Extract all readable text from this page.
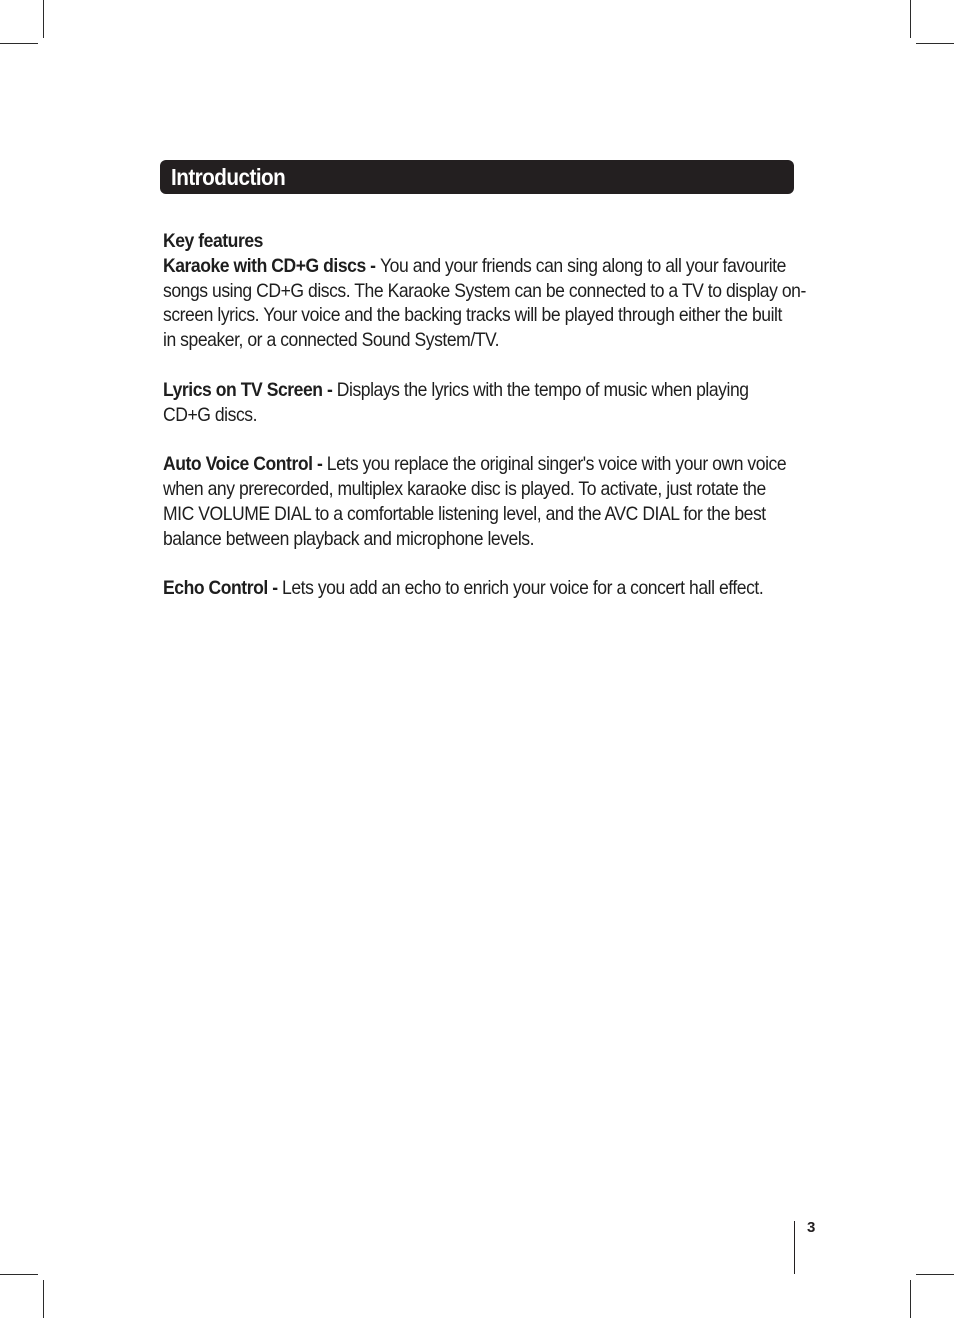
Introduction

Key features

Karaoke with CD+G discs - You and your friends can sing along to all your favourite
songs using CD+G discs. The Karaoke System can be connected to a TV to display on-
screen lyrics. Your voice and the backing tracks will be played through either the built
in speaker, or a connected Sound System/TV.

Lyrics on TV Screen - Displays the lyrics with the tempo of music when playing
CD+G discs.

Auto Voice Control - Lets you replace the original singer's voice with your own voice
when any prerecorded, multiplex karaoke disc is played. To activate, just rotate the
MIC VOLUME DIAL to a comfortable listening level, and the AVC DIAL for the best
balance between playback and microphone levels.

Echo Control - Lets you add an echo to enrich your voice for a concert hall effect.

3
